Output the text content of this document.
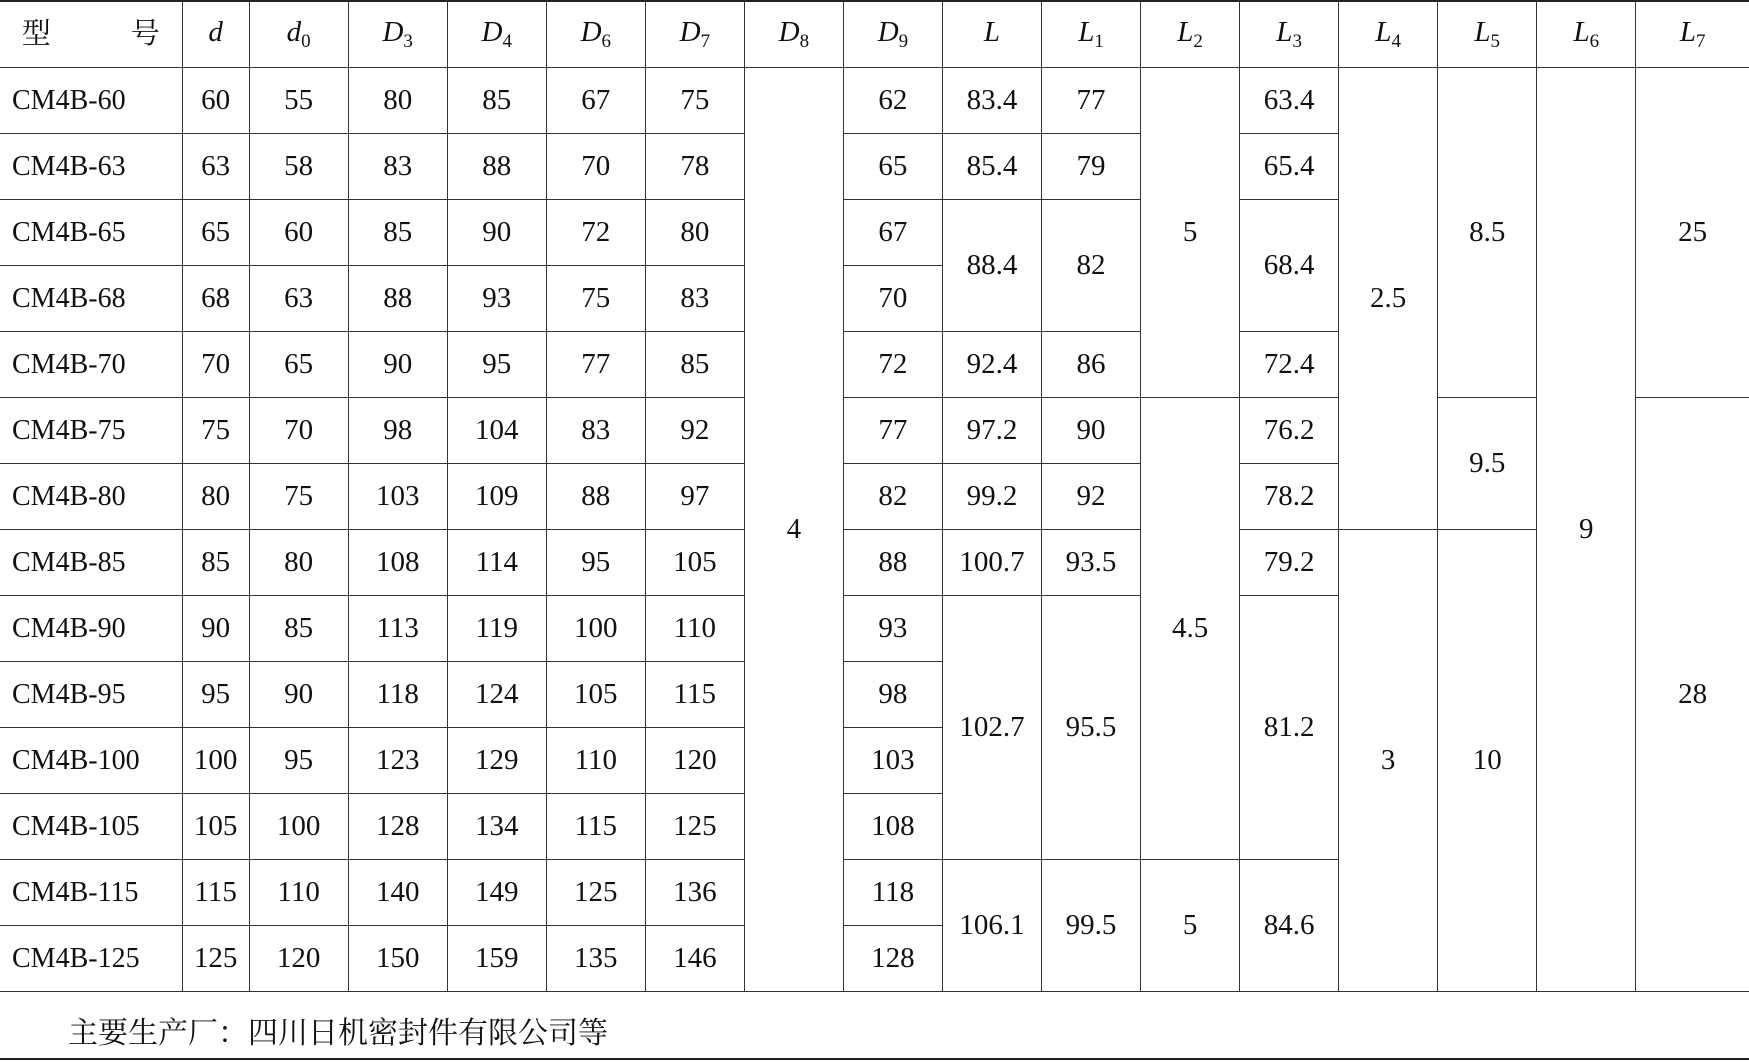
型 号	d	$d_0$	$D_3$	$D_4$	$D_6$	$D_7$	$D_8$	$D_9$	L	$L_1$	$L_2$	$L_3$	$L_4$	$L_5$	$L_6$	$L_7$
CM4B-60	60	55	80	85	67	75	4	62	83.4	77	5	63.4	2.5	8.5	9	25
CM4B-63	63	58	83	88	70	78		65	85.4	79		65.4				
CM4B-65	65	60	85	90	72	80		67	88.4	82		68.4				
CM4B-68	68	63	88	93	75	83		70								
CM4B-70	70	65	90	95	77	85		72	92.4	86		72.4				
CM4B-75	75	70	98	104	83	92		77	97.2	90	4.5	76.2		9.5		28
CM4B-80	80	75	103	109	88	97		82	99.2	92		78.2				
CM4B-85	85	80	108	114	95	105		88	100.7	93.5		79.2	3	10		
CM4B-90	90	85	113	119	100	110		93	102.7	95.5		81.2				
CM4B-95	95	90	118	124	105	115		98								
CM4B-100	100	95	123	129	110	120		103								
CM4B-105	105	100	128	134	115	125		108								
CM4B-115	115	110	140	149	125	136		118	106.1	99.5	5	84.6				
CM4B-125	125	120	150	159	135	146		128								
主要生产厂：四川日机密封件有限公司等
